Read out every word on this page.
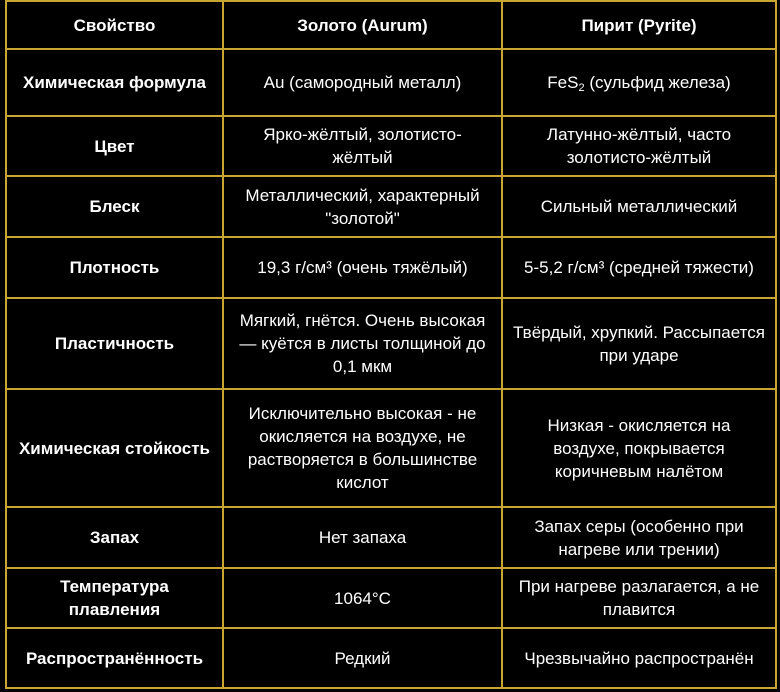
Свойство	Золото (Aurum)	Пирит (Pyrite)
Химическая формула	Au (самородный металл)	FeS$_2$ (сульфид железа)
Цвет	Ярко-жёлтый, золотисто-жёлтый	Латунно-жёлтый, часто золотисто-жёлтый
Блеск	Металлический, характерный "золотой"	Сильный металлический
Плотность	19,3 г/см³ (очень тяжёлый)	5-5,2 г/см³ (средней тяжести)
Пластичность	Мягкий, гнётся. Очень высокая — куётся в листы толщиной до 0,1 мкм	Твёрдый, хрупкий. Рассыпается при ударе
Химическая стойкость	Исключительно высокая - не окисляется на воздухе, не растворяется в большинстве кислот	Низкая - окисляется на воздухе, покрывается коричневым налётом
Запах	Нет запаха	Запах серы (особенно при нагреве или трении)
Температура плавления	1064°C	При нагреве разлагается, а не плавится
Распространённость	Редкий	Чрезвычайно распространён
